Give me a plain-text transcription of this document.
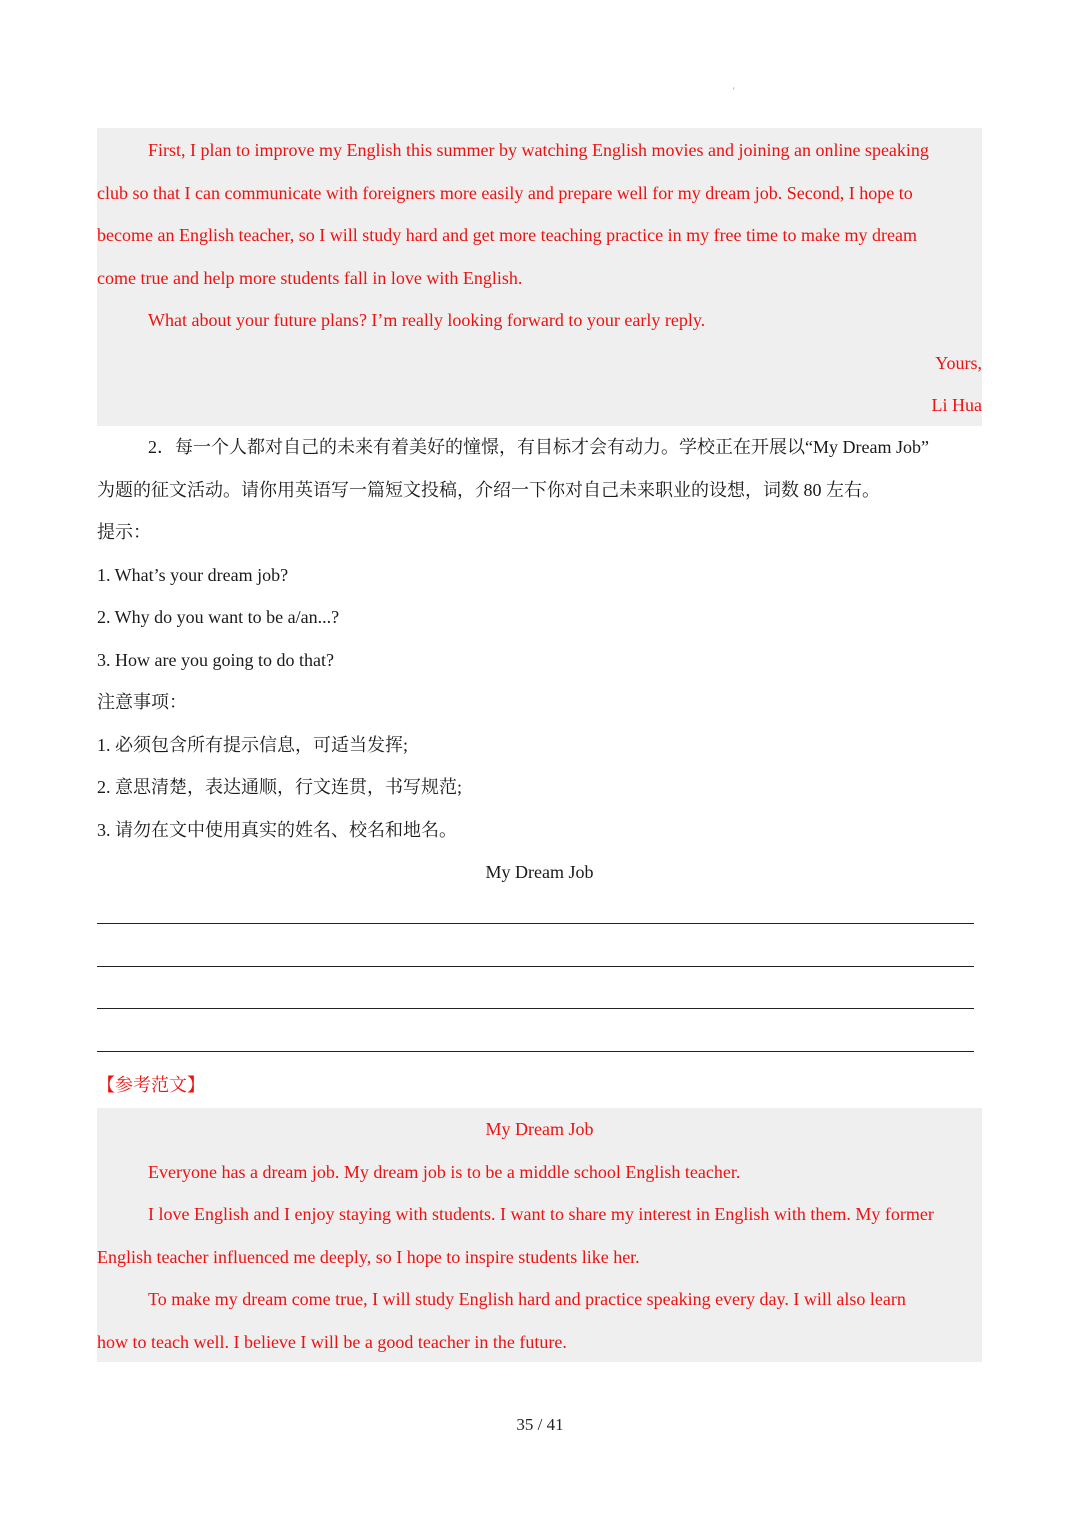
'
First, I plan to improve my English this summer by watching English movies and joining an online speaking
club so that I can communicate with foreigners more easily and prepare well for my dream job. Second, I hope to
become an English teacher, so I will study hard and get more teaching practice in my free time to make my dream
come true and help more students fall in love with English.
What about your future plans? I’m really looking forward to your early reply.
Yours,
Li Hua
2．每一个人都对自己的未来有着美好的憧憬，有目标才会有动力。学校正在开展以“My Dream Job”
为题的征文活动。请你用英语写一篇短文投稿，介绍一下你对自己未来职业的设想，词数 80 左右。
提示：
1. What’s your dream job?
2. Why do you want to be a/an...?
3. How are you going to do that?
注意事项：
1. 必须包含所有提示信息，可适当发挥;
2. 意思清楚，表达通顺，行文连贯，书写规范;
3. 请勿在文中使用真实的姓名、校名和地名。
My Dream Job
【参考范文】
My Dream Job
Everyone has a dream job. My dream job is to be a middle school English teacher.
I love English and I enjoy staying with students. I want to share my interest in English with them. My former
English teacher influenced me deeply, so I hope to inspire students like her.
To make my dream come true, I will study English hard and practice speaking every day. I will also learn
how to teach well. I believe I will be a good teacher in the future.
35 / 41
